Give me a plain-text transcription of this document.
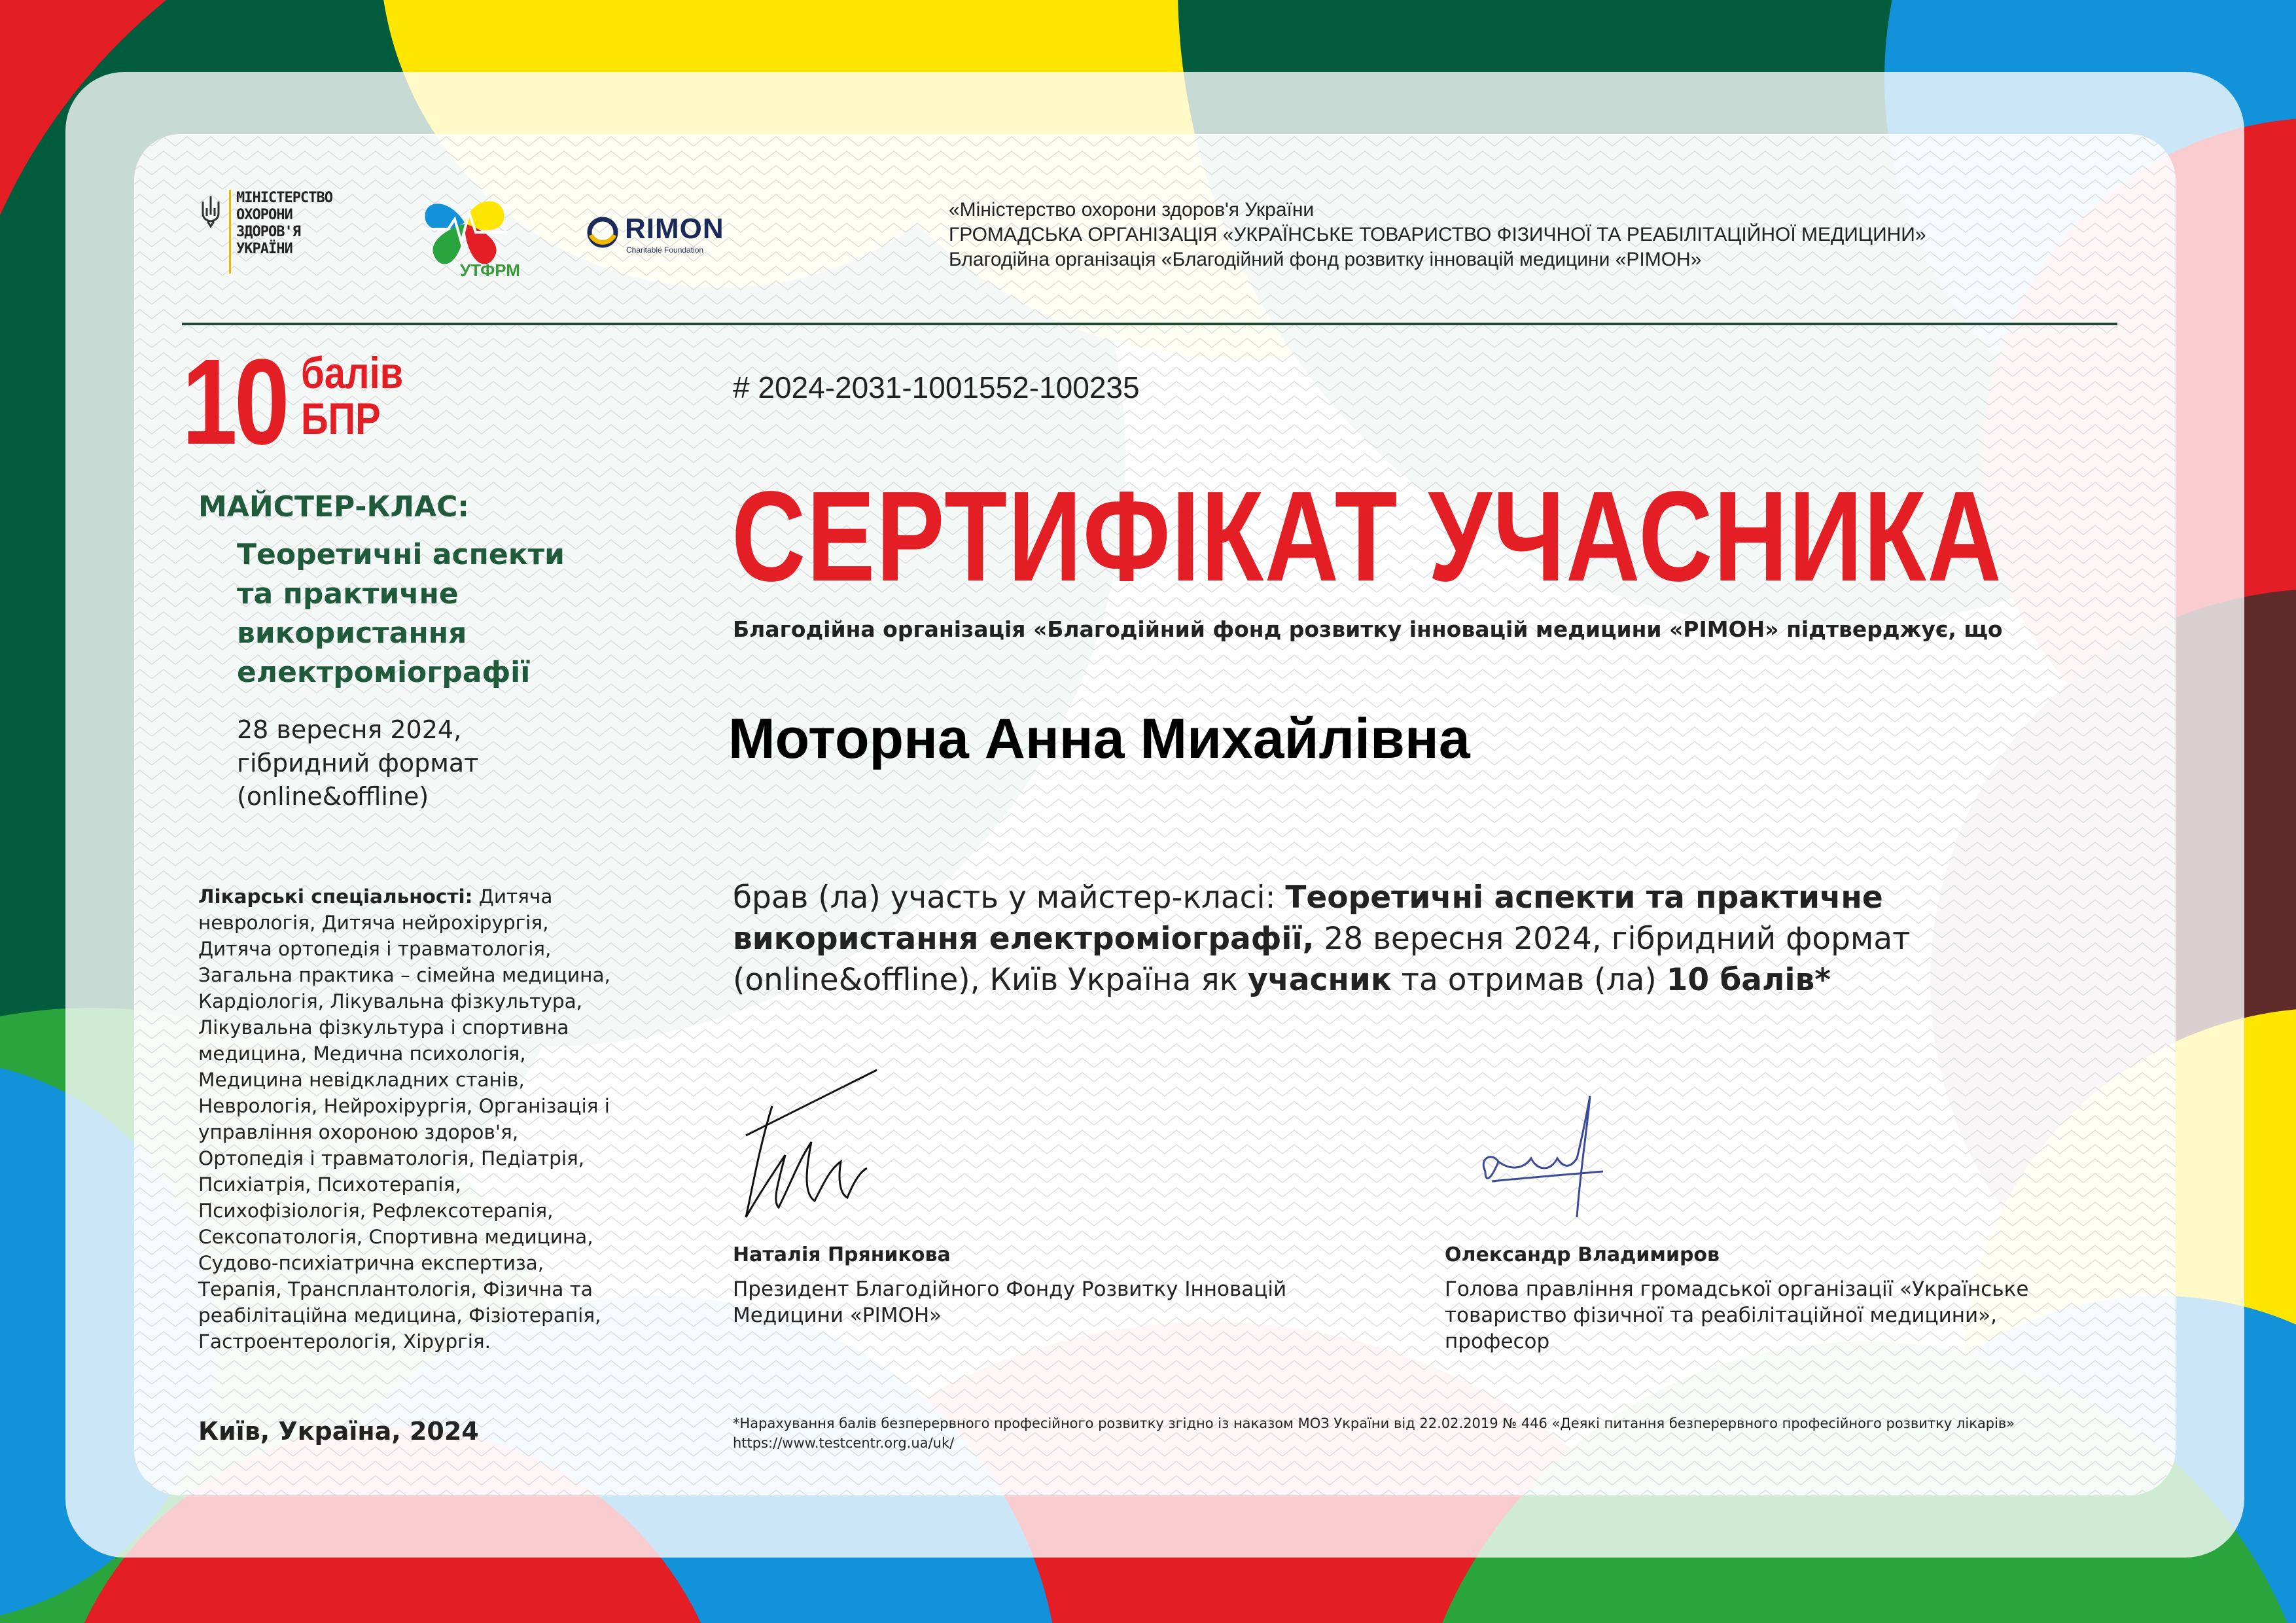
МІНІСТЕРСТВО
ОХОРОНИ
ЗДОРОВ'Я
УКРАЇНИ
УТФРМ
RIMON
Charitable Foundation
«Міністерство охорони здоров'я України
ГРОМАДСЬКА ОРГАНІЗАЦІЯ «УКРАЇНСЬКЕ ТОВАРИСТВО ФІЗИЧНОЇ ТА РЕАБІЛІТАЦІЙНОЇ МЕДИЦИНИ»
Благодійна організація «Благодійний фонд розвитку інновацій медицини «РІМОН»
10 балів
БПР
МАЙСТЕР-КЛАС:
Теоретичні аспекти та практичне використання електроміографії
28 вересня 2024, гібридний формат (online&offline)
Лікарські спеціальності: Дитяча неврологія, Дитяча нейрохірургія, Дитяча ортопедія і травматологія, Загальна практика – сімейна медицина, Кардіологія, Лікувальна фізкультура, Лікувальна фізкультура і спортивна медицина, Медична психологія, Медицина невідкладних станів, Неврологія, Нейрохірургія, Організація і управління охороною здоров'я, Ортопедія і травматологія, Педіатрія, Психіатрія, Психотерапія, Психофізіологія, Рефлексотерапія, Сексопатологія, Спортивна медицина, Судово-психіатрична експертиза, Терапія, Трансплантологія, Фізична та реабілітаційна медицина, Фізіотерапія, Гастроентерологія, Хірургія.
Київ, Україна, 2024
# 2024-2031-1001552-100235
СЕРТИФІКАТ УЧАСНИКА
Благодійна організація «Благодійний фонд розвитку інновацій медицини «РІМОН» підтверджує, що
Моторна Анна Михайлівна
брав (ла) участь у майстер-класі: Теоретичні аспекти та практичне використання електроміографії, 28 вересня 2024, гібридний формат (online&offline), Київ Україна як учасник та отримав (ла) 10 балів*
Наталія Пряникова
Президент Благодійного Фонду Розвитку Інновацій Медицини «РІМОН»
Олександр Владимиров
Голова правління громадської організації «Українське товариство фізичної та реабілітаційної медицини», професор
*Нарахування балів безперервного професійного розвитку згідно із наказом МОЗ України від 22.02.2019 № 446 «Деякі питання безперервного професійного розвитку лікарів»
https://www.testcentr.org.ua/uk/
